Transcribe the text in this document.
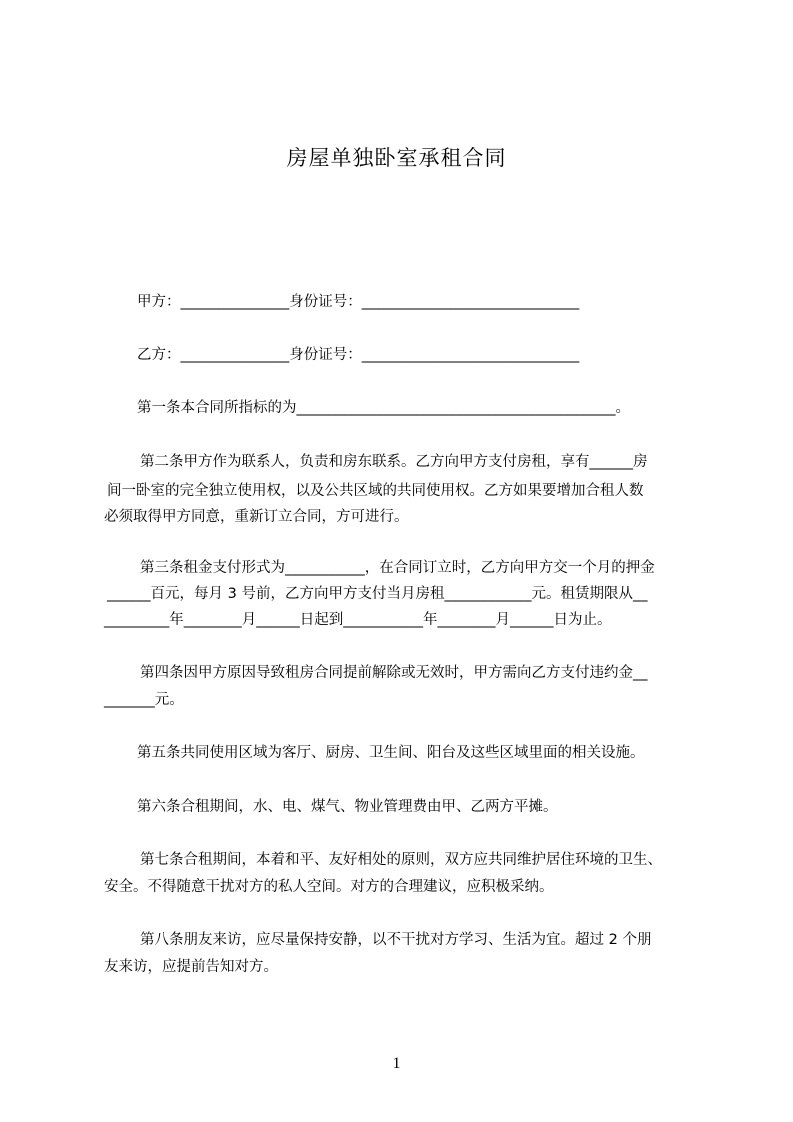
房屋单独卧室承租合同
甲方：_______________身份证号：______________________________
乙方：_______________身份证号：______________________________
第一条本合同所指标的为____________________________________________。
第二条甲方作为联系人，负责和房东联系。乙方向甲方支付房租，享有______房
间一卧室的完全独立使用权，以及公共区域的共同使用权。乙方如果要增加合租人数
必须取得甲方同意，重新订立合同，方可进行。
第三条租金支付形式为___________，在合同订立时，乙方向甲方交一个月的押金
______百元，每月 3 号前，乙方向甲方支付当月房租____________元。租赁期限从__
_________年________月______日起到___________年________月______日为止。
第四条因甲方原因导致租房合同提前解除或无效时，甲方需向乙方支付违约金__
_______元。
第五条共同使用区域为客厅、厨房、卫生间、阳台及这些区域里面的相关设施。
第六条合租期间，水、电、煤气、物业管理费由甲、乙两方平摊。
第七条合租期间，本着和平、友好相处的原则，双方应共同维护居住环境的卫生、
安全。不得随意干扰对方的私人空间。对方的合理建议，应积极采纳。
第八条朋友来访，应尽量保持安静，以不干扰对方学习、生活为宜。超过 2 个朋
友来访，应提前告知对方。
1
